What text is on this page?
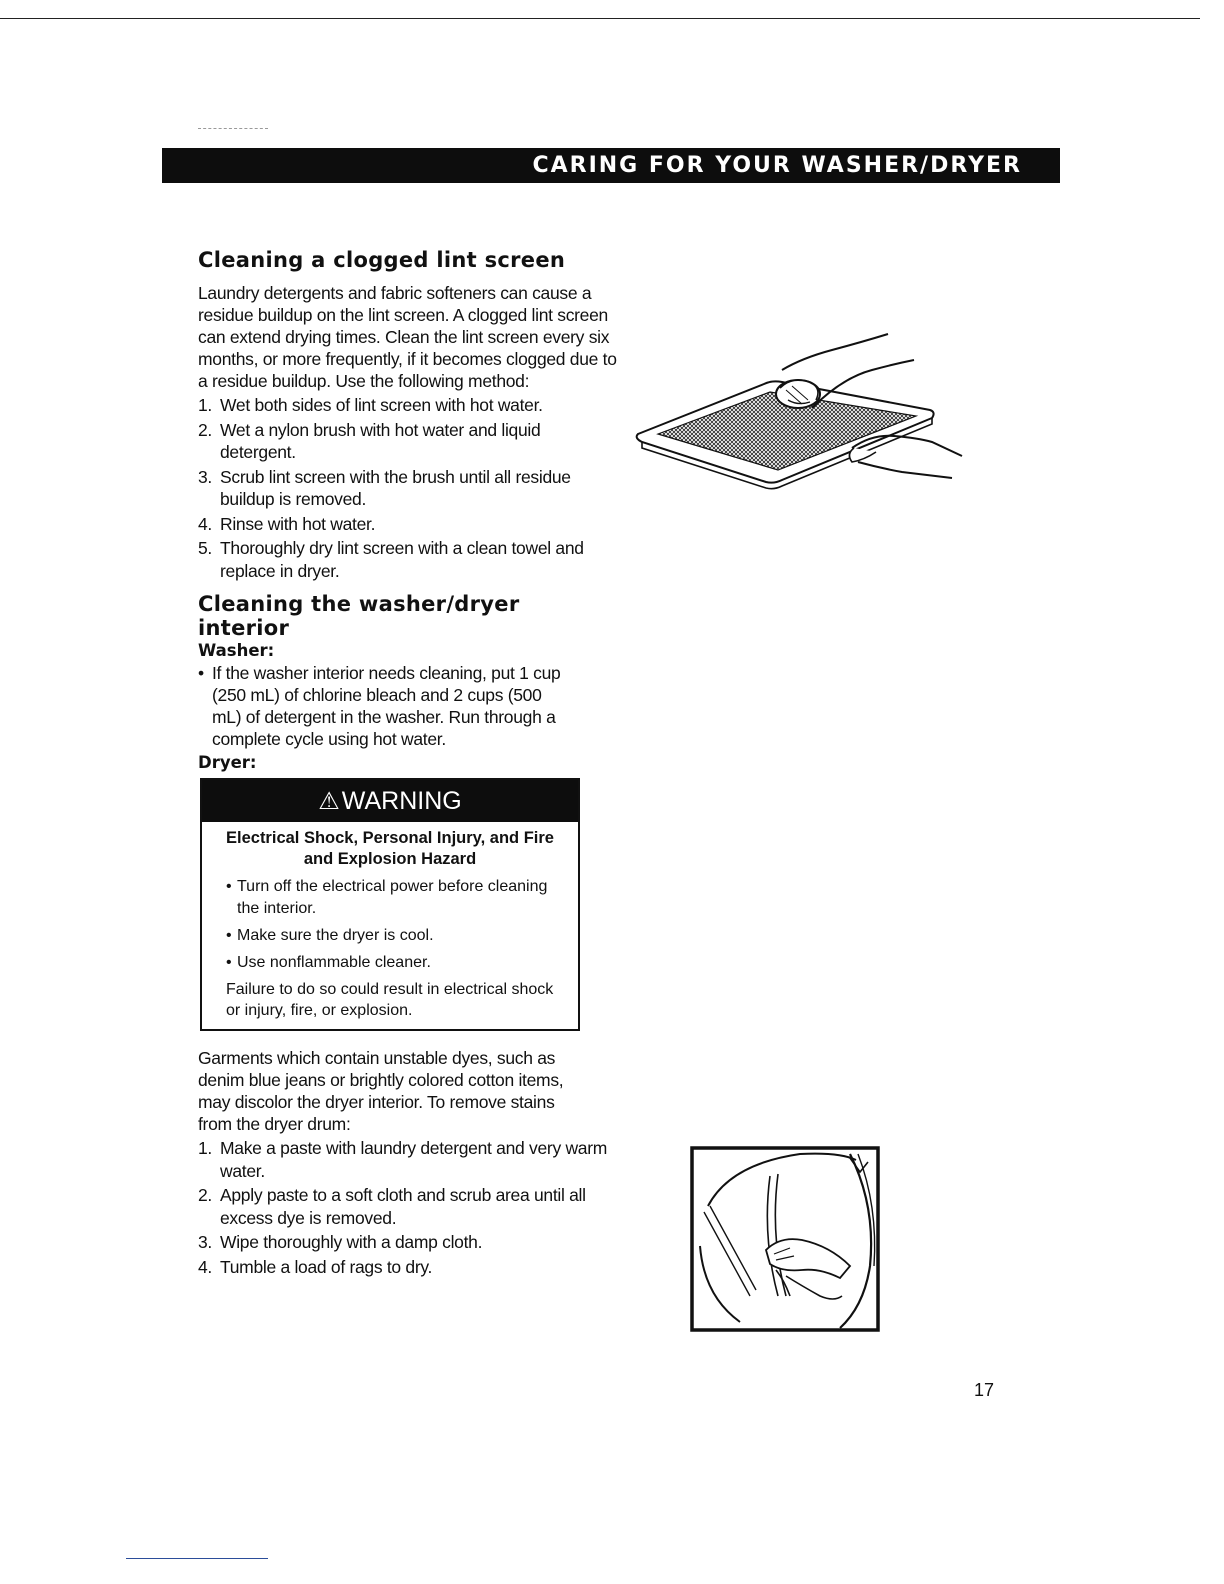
CARING FOR YOUR WASHER/DRYER
Cleaning a clogged lint screen

Laundry detergents and fabric softeners can cause a residue buildup on the lint screen. A clogged lint screen can extend drying times. Clean the lint screen every six months, or more frequently, if it becomes clogged due to a residue buildup. Use the following method:

1. Wet both sides of lint screen with hot water.
2. Wet a nylon brush with hot water and liquid detergent.
3. Scrub lint screen with the brush until all residue buildup is removed.
4. Rinse with hot water.
5. Thoroughly dry lint screen with a clean towel and replace in dryer.
Cleaning the washer/dryer interior
Washer:
• If the washer interior needs cleaning, put 1 cup (250 mL) of chlorine bleach and 2 cups (500 mL) of detergent in the washer. Run through a complete cycle using hot water.
Dryer:
⚠ WARNING
Electrical Shock, Personal Injury, and Fire and Explosion Hazard
• Turn off the electrical power before cleaning the interior.
• Make sure the dryer is cool.
• Use nonflammable cleaner.
Failure to do so could result in electrical shock or injury, fire, or explosion.

Garments which contain unstable dyes, such as denim blue jeans or brightly colored cotton items, may discolor the dryer interior. To remove stains from the dryer drum:

1. Make a paste with laundry detergent and very warm water.
2. Apply paste to a soft cloth and scrub area until all excess dye is removed.
3. Wipe thoroughly with a damp cloth.
4. Tumble a load of rags to dry.
17
